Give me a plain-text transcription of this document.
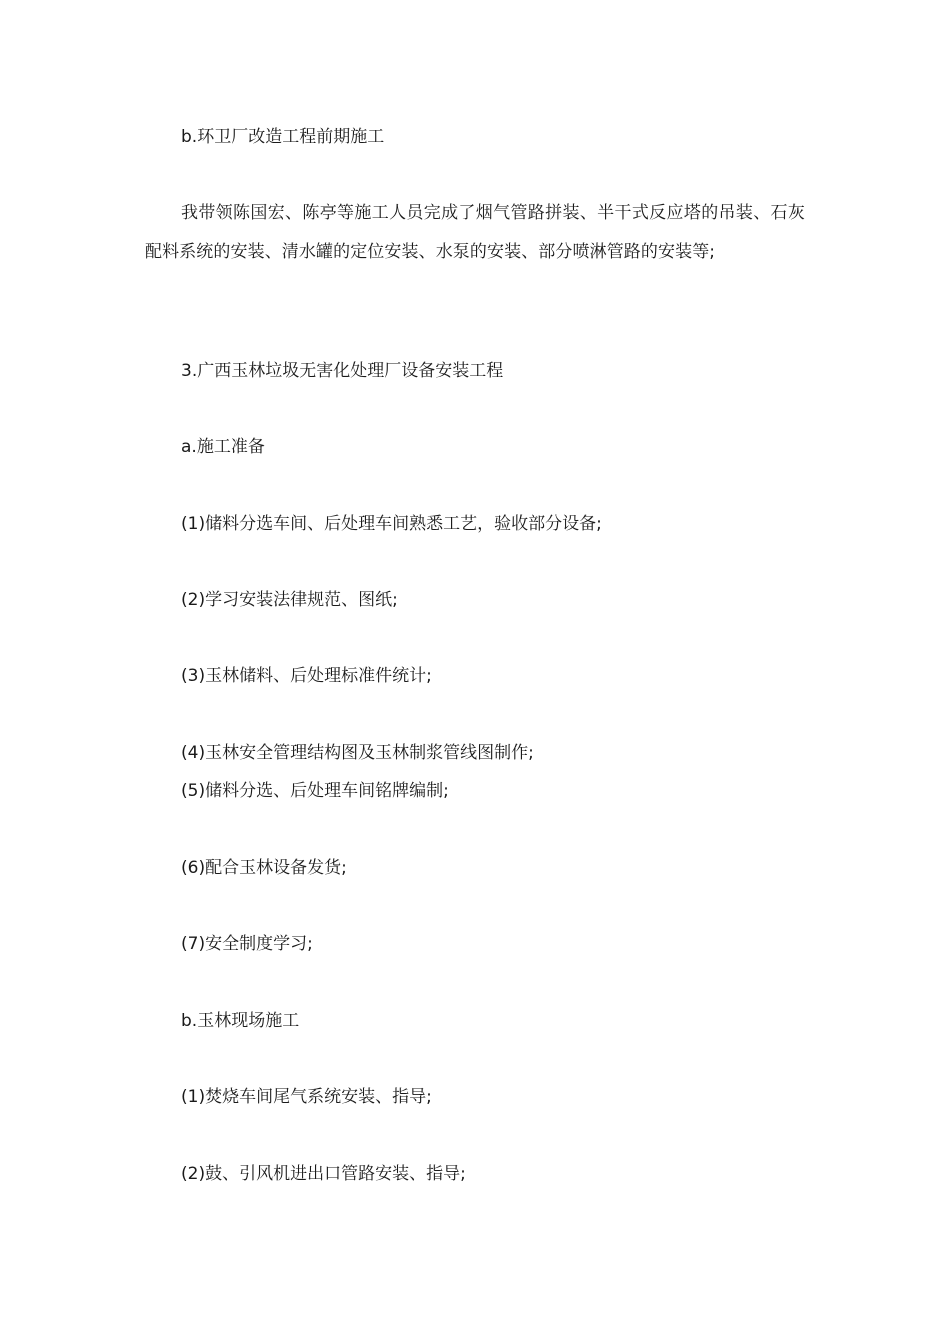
b.环卫厂改造工程前期施工

我带领陈国宏、陈亭等施工人员完成了烟气管路拼装、半干式反应塔的吊装、石灰配料系统的安装、清水罐的定位安装、水泵的安装、部分喷淋管路的安装等;

3.广西玉林垃圾无害化处理厂设备安装工程

a.施工准备

(1)储料分选车间、后处理车间熟悉工艺，验收部分设备;

(2)学习安装法律规范、图纸;

(3)玉林储料、后处理标准件统计;

(4)玉林安全管理结构图及玉林制浆管线图制作;

(5)储料分选、后处理车间铭牌编制;

(6)配合玉林设备发货;

(7)安全制度学习;

b.玉林现场施工

(1)焚烧车间尾气系统安装、指导;

(2)鼓、引风机进出口管路安装、指导;
